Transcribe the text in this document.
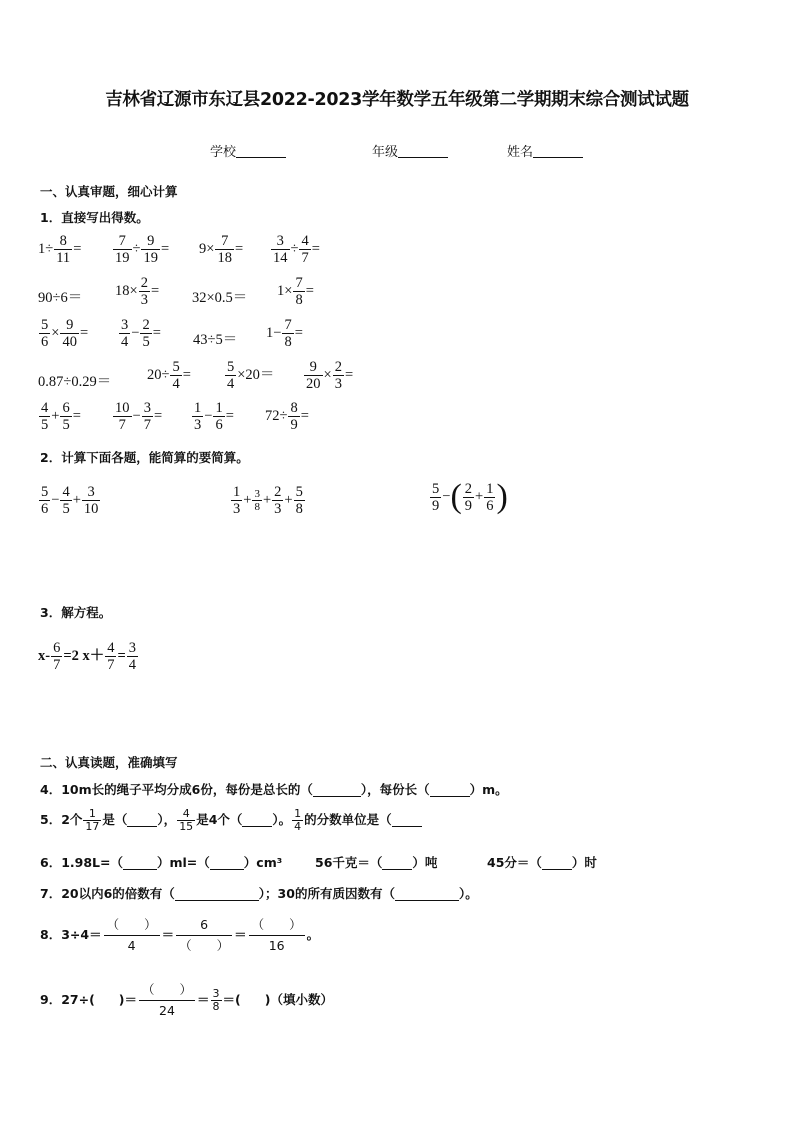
吉林省辽源市东辽县2022-2023学年数学五年级第二学期期末综合测试试题
学校	年级	姓名
一、认真审题，细心计算
1．直接写出得数。
$1\div \frac{8}{11} = \frac{7}{19} \div \frac{9}{19} = 9\times \frac{7}{18} = \frac{3}{14} \div \frac{4}{7}$ =
$90\div 6= 18\times \frac{2}{3} = 32\times 0.5= 1\times \frac{7}{8}$ =
$\frac{5}{6} \times \frac{9}{40} = \frac{3}{4} - \frac{2}{5} = 43\div 5= 1- \frac{7}{8}$ =
$0.87\div 0.29= 20\div \frac{5}{4} = \frac{5}{4} \times 20= \frac{9}{20} \times \frac{2}{3}$ =
$\frac{4}{5} + \frac{6}{5} = \frac{10}{7} - \frac{3}{7} = \frac{1}{3} - \frac{1}{6} = 72\div \frac{8}{9}$ =
2．计算下面各题，能简算的要简算。
$\frac{5}{6} - \frac{4}{5} + \frac{3}{10}$	$\frac{1}{3} + \frac{3}{8} + \frac{2}{3} + \frac{5}{8}$	$\frac{5}{9}$ −( $\frac{2}{9} + \frac{1}{6}$ )
3．解方程。
$x- \frac{6}{7} =2$ $x+ \frac{4}{7} = \frac{3}{4}$
二、认真读题，准确填写
4．10m长的绳子平均分成6份，每份是总长的（	），每份长（	）m。
5．2个 $\frac{1}{17}$ 是（ ）， $\frac{4}{15}$ 是4个（ ）。 $\frac{1}{4}$ 的分数单位是（
6．1.98L=（	）ml=（	）cm³	56千克＝（ ）吨	45分＝（ ）时
7．20以内6的倍数有（	）；30的所有质因数有（	）。
8．3÷4＝
（　　）
4
＝
6
（　　）
＝
（　　）
16
。
9．27÷( )＝
（　　）
24
＝ $\frac{3}{8}$ ＝( )（填小数）
